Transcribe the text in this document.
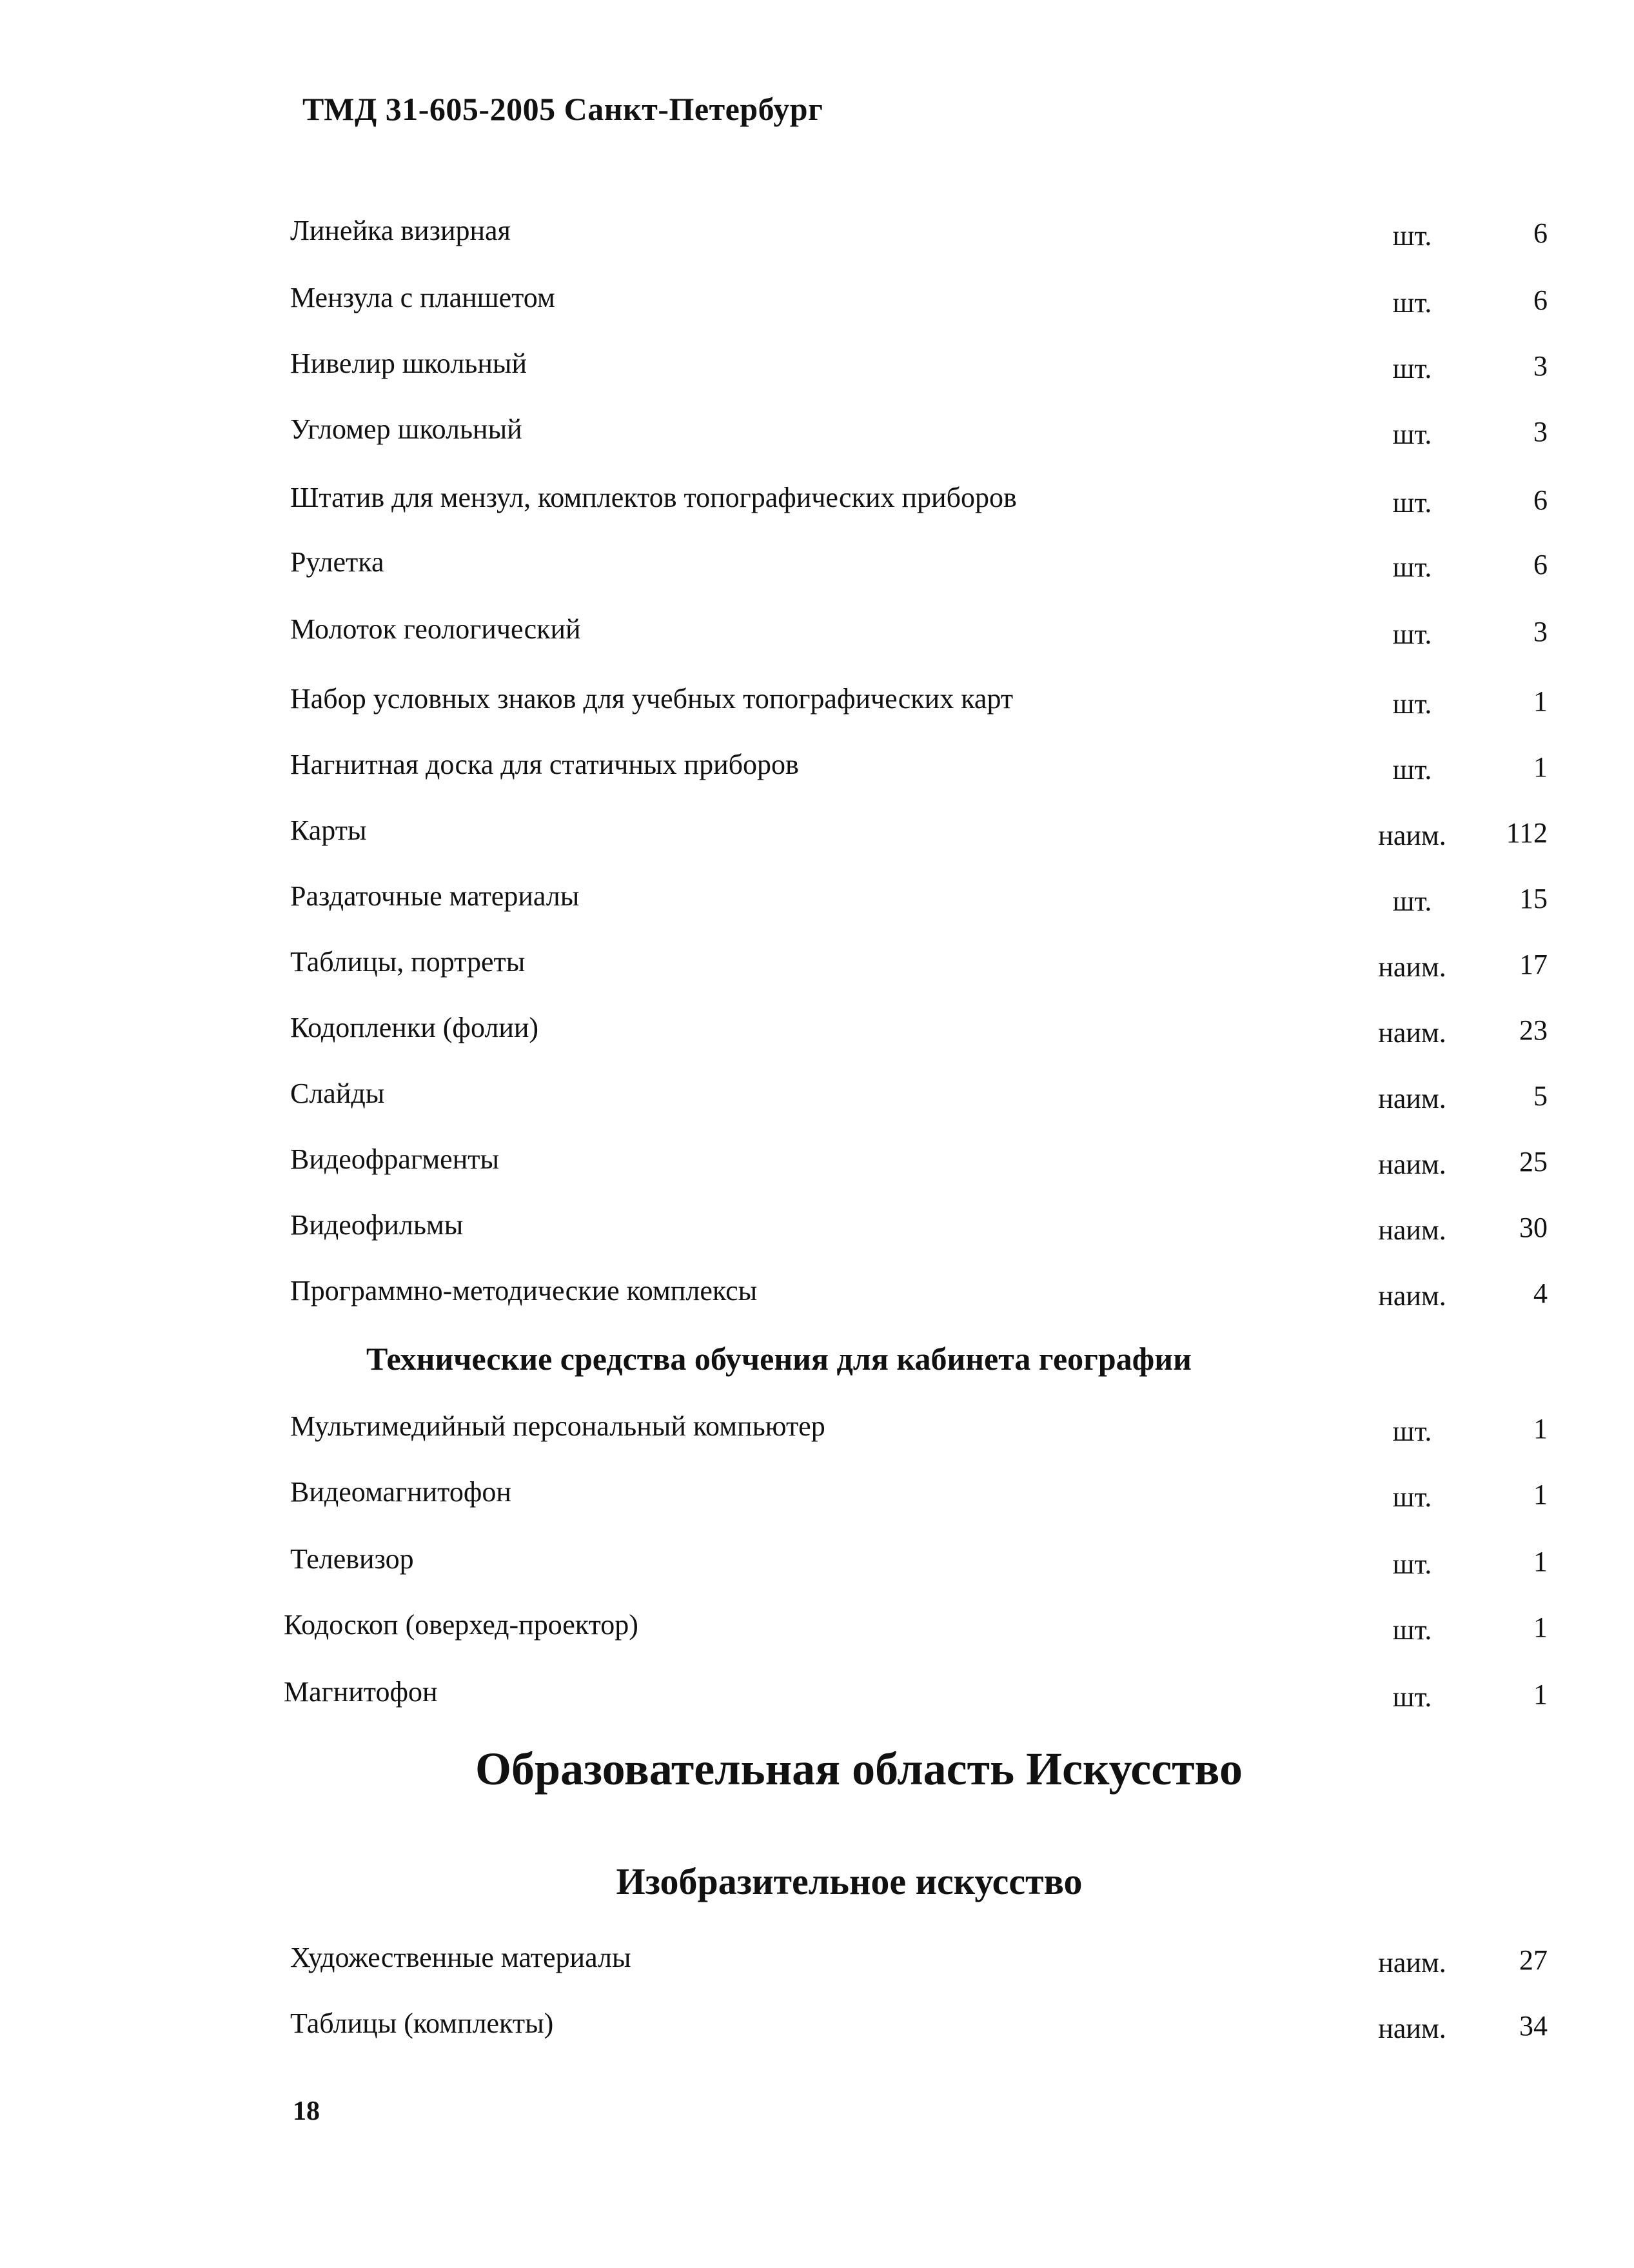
ТМД 31-605-2005 Санкт-Петербург
Линейка визирная	шт.	6
Мензула с планшетом	шт.	6
Нивелир школьный	шт.	3
Угломер школьный	шт.	3
Штатив для мензул, комплектов топографических приборов	шт.	6
Рулетка	шт.	6
Молоток геологический	шт.	3
Набор условных знаков для учебных топографических карт	шт.	1
Нагнитная доска для статичных приборов	шт.	1
Карты	наим.	112
Раздаточные материалы	шт.	15
Таблицы, портреты	наим.	17
Кодопленки (фолии)	наим.	23
Слайды	наим.	5
Видеофрагменты	наим.	25
Видеофильмы	наим.	30
Программно-методические комплексы	наим.	4
Технические средства обучения для кабинета географии
Мультимедийный персональный компьютер	шт.	1
Видеомагнитофон	шт.	1
Телевизор	шт.	1
Кодоскоп (оверхед-проектор)	шт.	1
Магнитофон	шт.	1
Образовательная область Искусство
Изобразительное искусство
Художественные материалы	наим.	27
Таблицы (комплекты)	наим.	34
18
